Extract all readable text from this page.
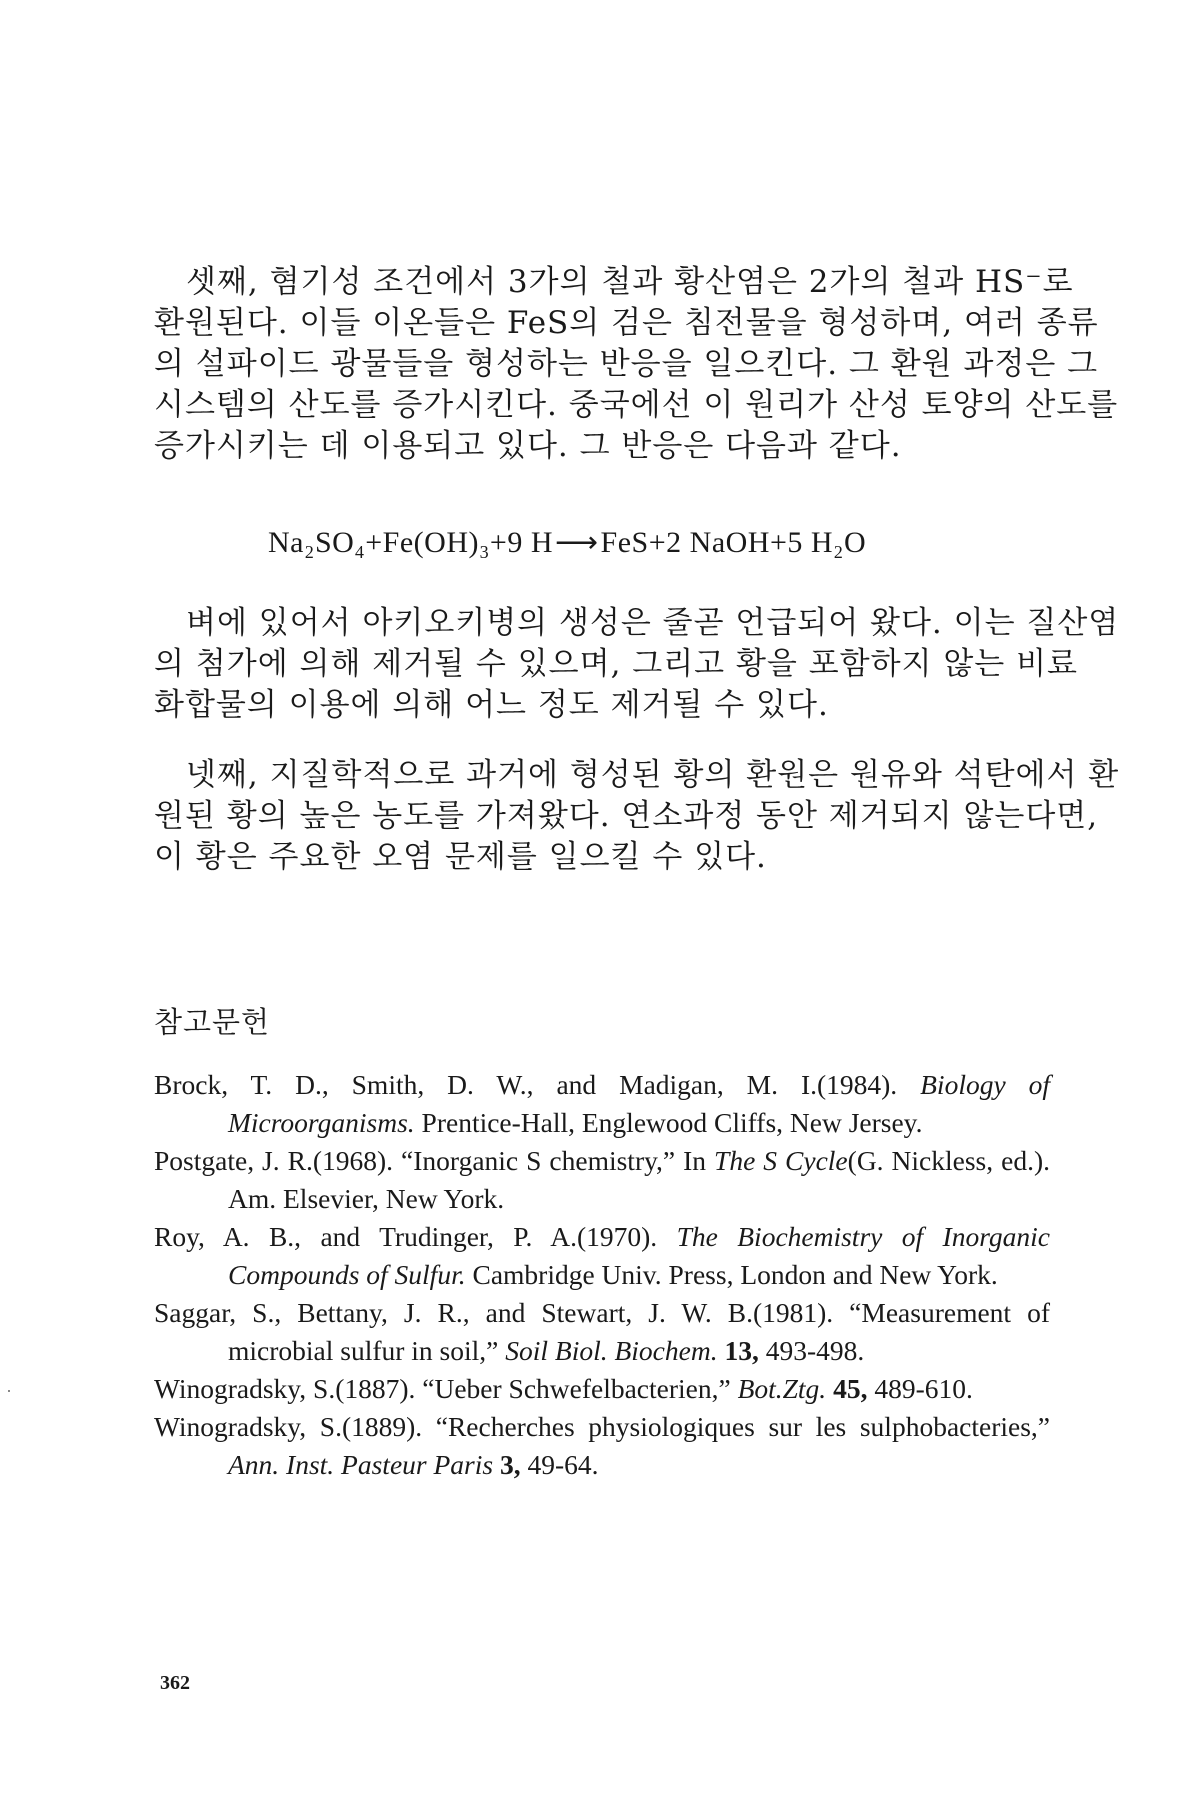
셋째, 혐기성 조건에서 3가의 철과 황산염은 2가의 철과 HS⁻로
환원된다. 이들 이온들은 FeS의 검은 침전물을 형성하며, 여러 종류
의 설파이드 광물들을 형성하는 반응을 일으킨다. 그 환원 과정은 그
시스템의 산도를 증가시킨다. 중국에선 이 원리가 산성 토양의 산도를
증가시키는 데 이용되고 있다. 그 반응은 다음과 같다.
Na₂SO₄+Fe(OH)₃+9 H⟶FeS+2 NaOH+5 H₂O
벼에 있어서 아키오키병의 생성은 줄곧 언급되어 왔다. 이는 질산염
의 첨가에 의해 제거될 수 있으며, 그리고 황을 포함하지 않는 비료
화합물의 이용에 의해 어느 정도 제거될 수 있다.
넷째, 지질학적으로 과거에 형성된 황의 환원은 원유와 석탄에서 환
원된 황의 높은 농도를 가져왔다. 연소과정 동안 제거되지 않는다면,
이 황은 주요한 오염 문제를 일으킬 수 있다.
참고문헌

Brock, T. D., Smith, D. W., and Madigan, M. I.(1984). Biology of Microorganisms. Prentice-Hall, Englewood Cliffs, New Jersey.

Postgate, J. R.(1968). “Inorganic S chemistry,” In The S Cycle(G. Nickless, ed.). Am. Elsevier, New York.

Roy, A. B., and Trudinger, P. A.(1970). The Biochemistry of Inorganic Compounds of Sulfur. Cambridge Univ. Press, London and New York.

Saggar, S., Bettany, J. R., and Stewart, J. W. B.(1981). “Measurement of microbial sulfur in soil,” Soil Biol. Biochem. 13, 493-498.

Winogradsky, S.(1887). “Ueber Schwefelbacterien,” Bot.Ztg. 45, 489-610.

Winogradsky, S.(1889). “Recherches physiologiques sur les sulphobacteries,” Ann. Inst. Pasteur Paris 3, 49-64.

362
